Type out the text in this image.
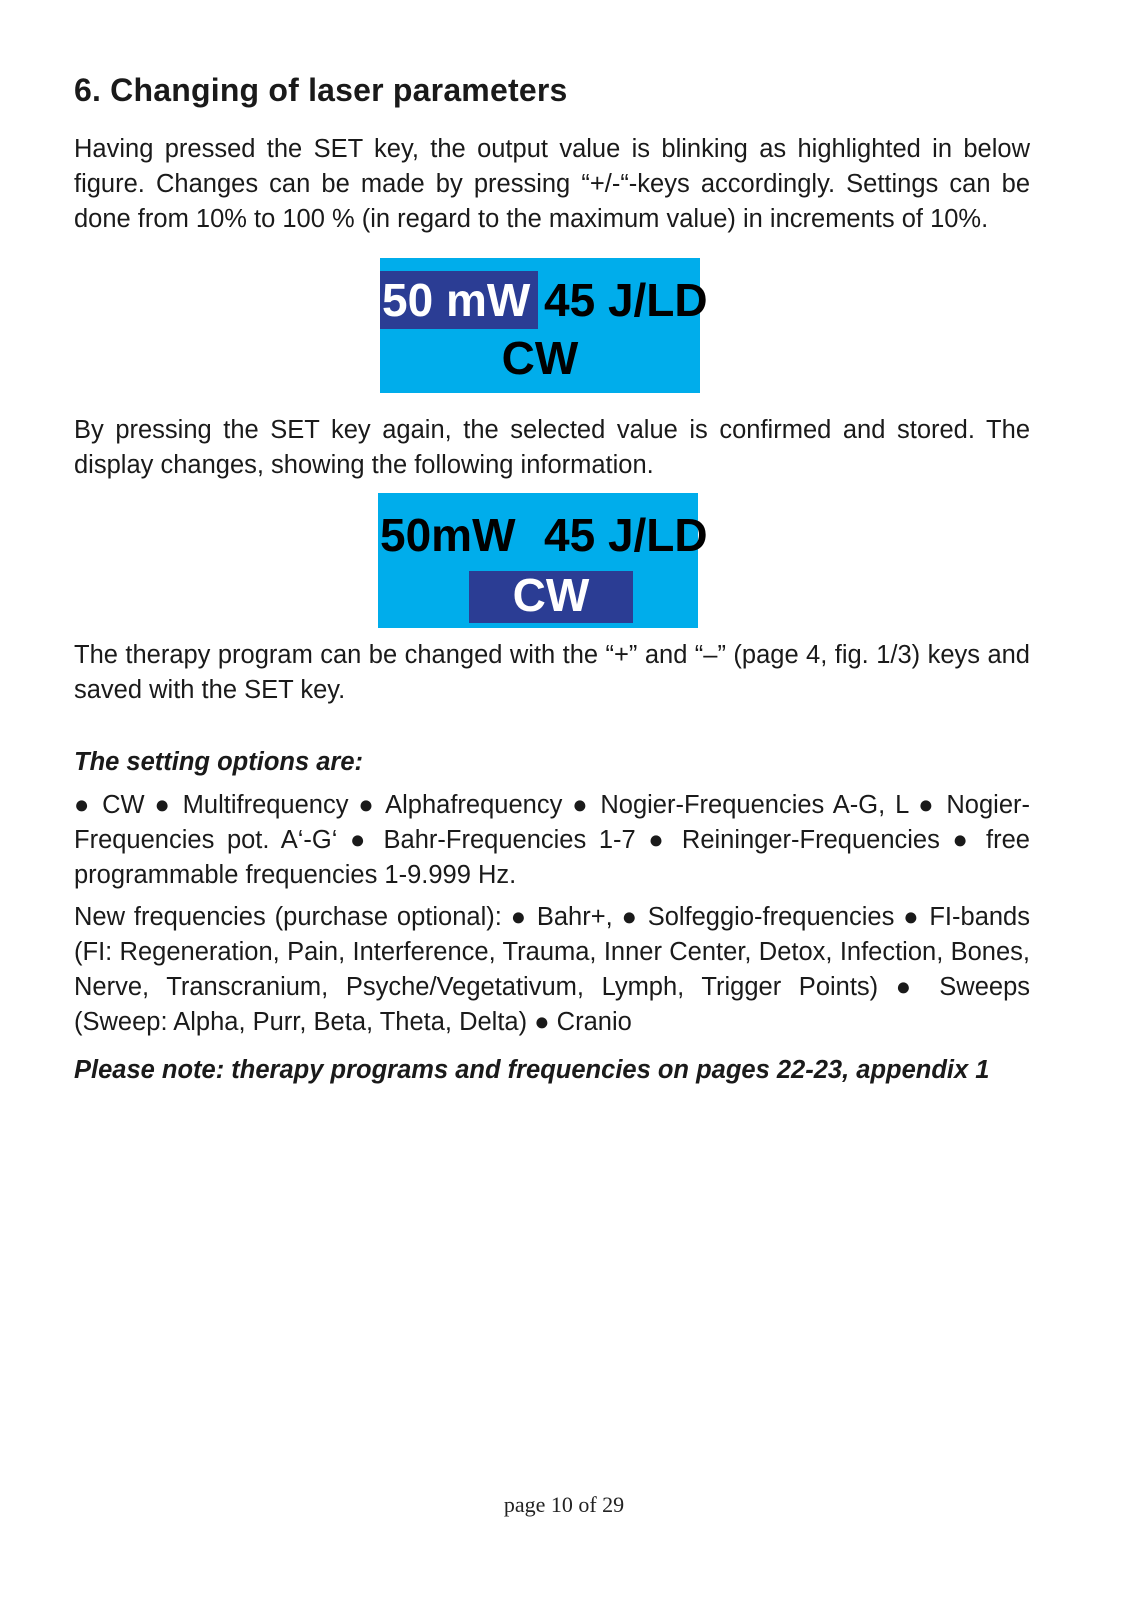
6. Changing of laser parameters

Having pressed the SET key, the output value is blinking as highlighted in below figure. Changes can be made by pressing “+/-“-keys accordingly. Settings can be done from 10% to 100 % (in regard to the maximum value) in increments of 10%.

50 mW 45 J/LD
CW

By pressing the SET key again, the selected value is confirmed and stored. The display changes, showing the following information.

50mW 45 J/LD
CW

The therapy program can be changed with the “+” and “–” (page 4, fig. 1/3) keys and saved with the SET key.

The setting options are:

● CW ● Multifrequency ● Alphafrequency ● Nogier-Frequencies A-G, L ● Nogier-Frequencies pot. A‘-G‘ ● Bahr-Frequencies 1-7 ● Reininger-Frequencies ● free programmable frequencies 1-9.999 Hz.

New frequencies (purchase optional): ● Bahr+, ● Solfeggio-frequencies ● FI-bands (FI: Regeneration, Pain, Interference, Trauma, Inner Center, Detox, Infection, Bones, Nerve, Transcranium, Psyche/Vegetativum, Lymph, Trigger Points) ● Sweeps (Sweep: Alpha, Purr, Beta, Theta, Delta) ● Cranio

Please note: therapy programs and frequencies on pages 22-23, appendix 1

page 10 of 29
